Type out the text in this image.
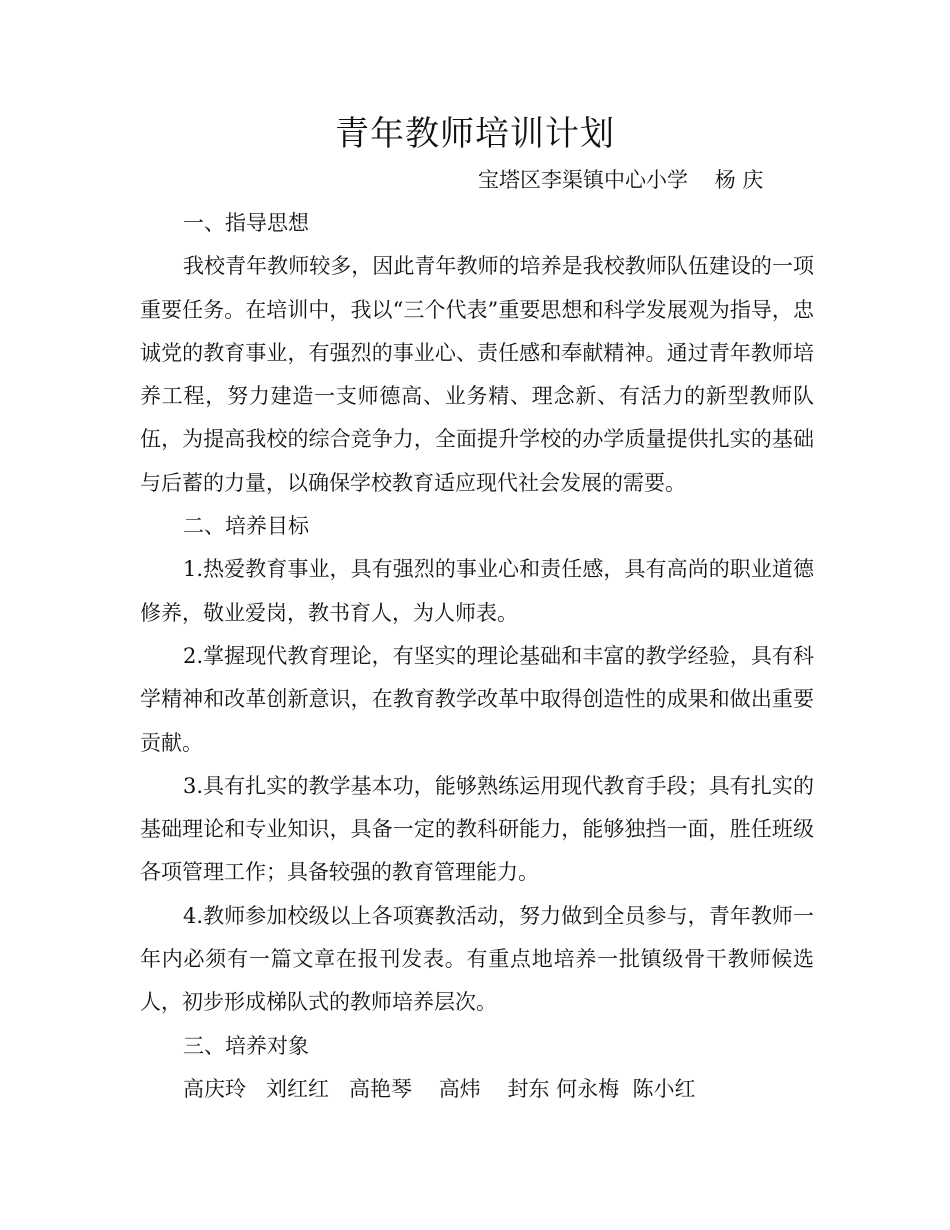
青年教师培训计划
宝塔区李渠镇中心小学    杨 庆

一、指导思想

我校青年教师较多，因此青年教师的培养是我校教师队伍建设的一项重要任务。在培训中，我以“三个代表”重要思想和科学发展观为指导，忠诚党的教育事业，有强烈的事业心、责任感和奉献精神。通过青年教师培养工程，努力建造一支师德高、业务精、理念新、有活力的新型教师队伍，为提高我校的综合竞争力，全面提升学校的办学质量提供扎实的基础与后蓄的力量，以确保学校教育适应现代社会发展的需要。

二、培养目标

1.热爱教育事业，具有强烈的事业心和责任感，具有高尚的职业道德修养，敬业爱岗，教书育人，为人师表。

2.掌握现代教育理论，有坚实的理论基础和丰富的教学经验，具有科学精神和改革创新意识，在教育教学改革中取得创造性的成果和做出重要贡献。

3.具有扎实的教学基本功，能够熟练运用现代教育手段；具有扎实的基础理论和专业知识，具备一定的教科研能力，能够独挡一面，胜任班级各项管理工作；具备较强的教育管理能力。

4.教师参加校级以上各项赛教活动，努力做到全员参与，青年教师一年内必须有一篇文章在报刊发表。有重点地培养一批镇级骨干教师候选人，初步形成梯队式的教师培养层次。

三、培养对象

高庆玲   刘红红   高艳琴    高炜    封东 何永梅  陈小红
